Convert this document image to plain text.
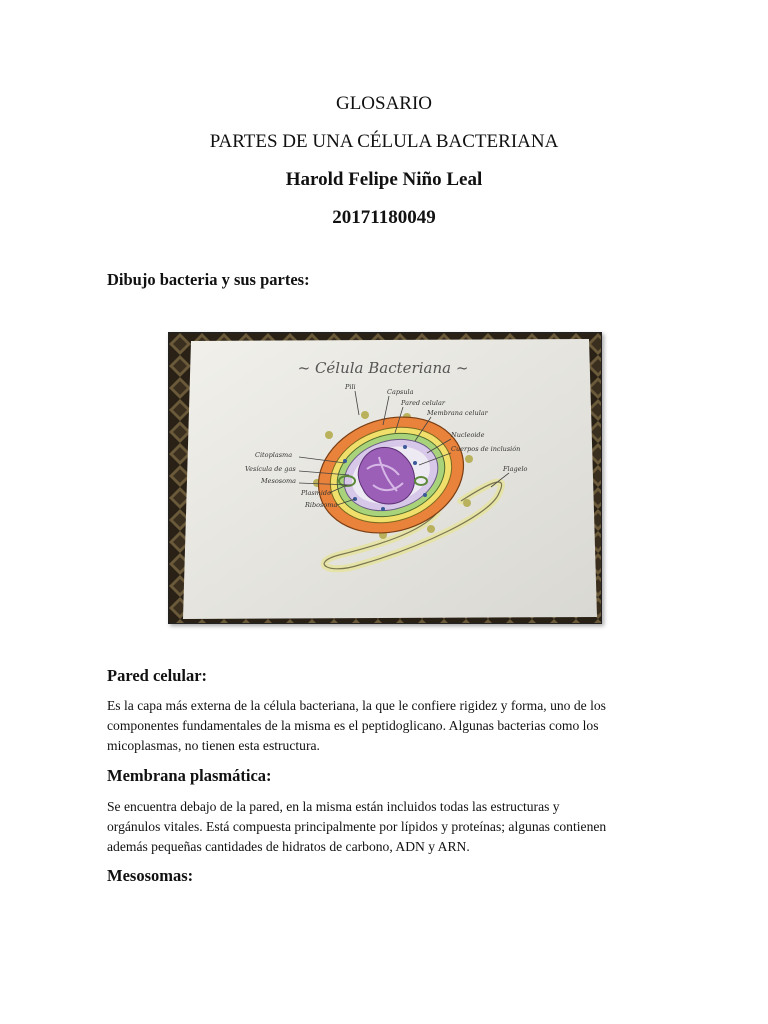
GLOSARIO
PARTES DE UNA CÉLULA BACTERIANA
Harold Felipe Niño Leal
20171180049
Dibujo bacteria y sus partes:
~ Célula Bacteriana ~
Pili
Capsula
Pared celular
Membrana celular
Nucleoide
Cuerpos de inclusión
Citoplasma
Vesícula de gas
Mesosoma
Plasmido
Ribosoma
Flagelo
Pared celular:
Es la capa más externa de la célula bacteriana, la que le confiere rigidez y forma, uno de los
componentes fundamentales de la misma es el peptidoglicano. Algunas bacterias como los
micoplasmas, no tienen esta estructura.
Membrana plasmática:
Se encuentra debajo de la pared, en la misma están incluidos todas las estructuras y
orgánulos vitales. Está compuesta principalmente por lípidos y proteínas; algunas contienen
además pequeñas cantidades de hidratos de carbono, ADN y ARN.
Mesosomas:
